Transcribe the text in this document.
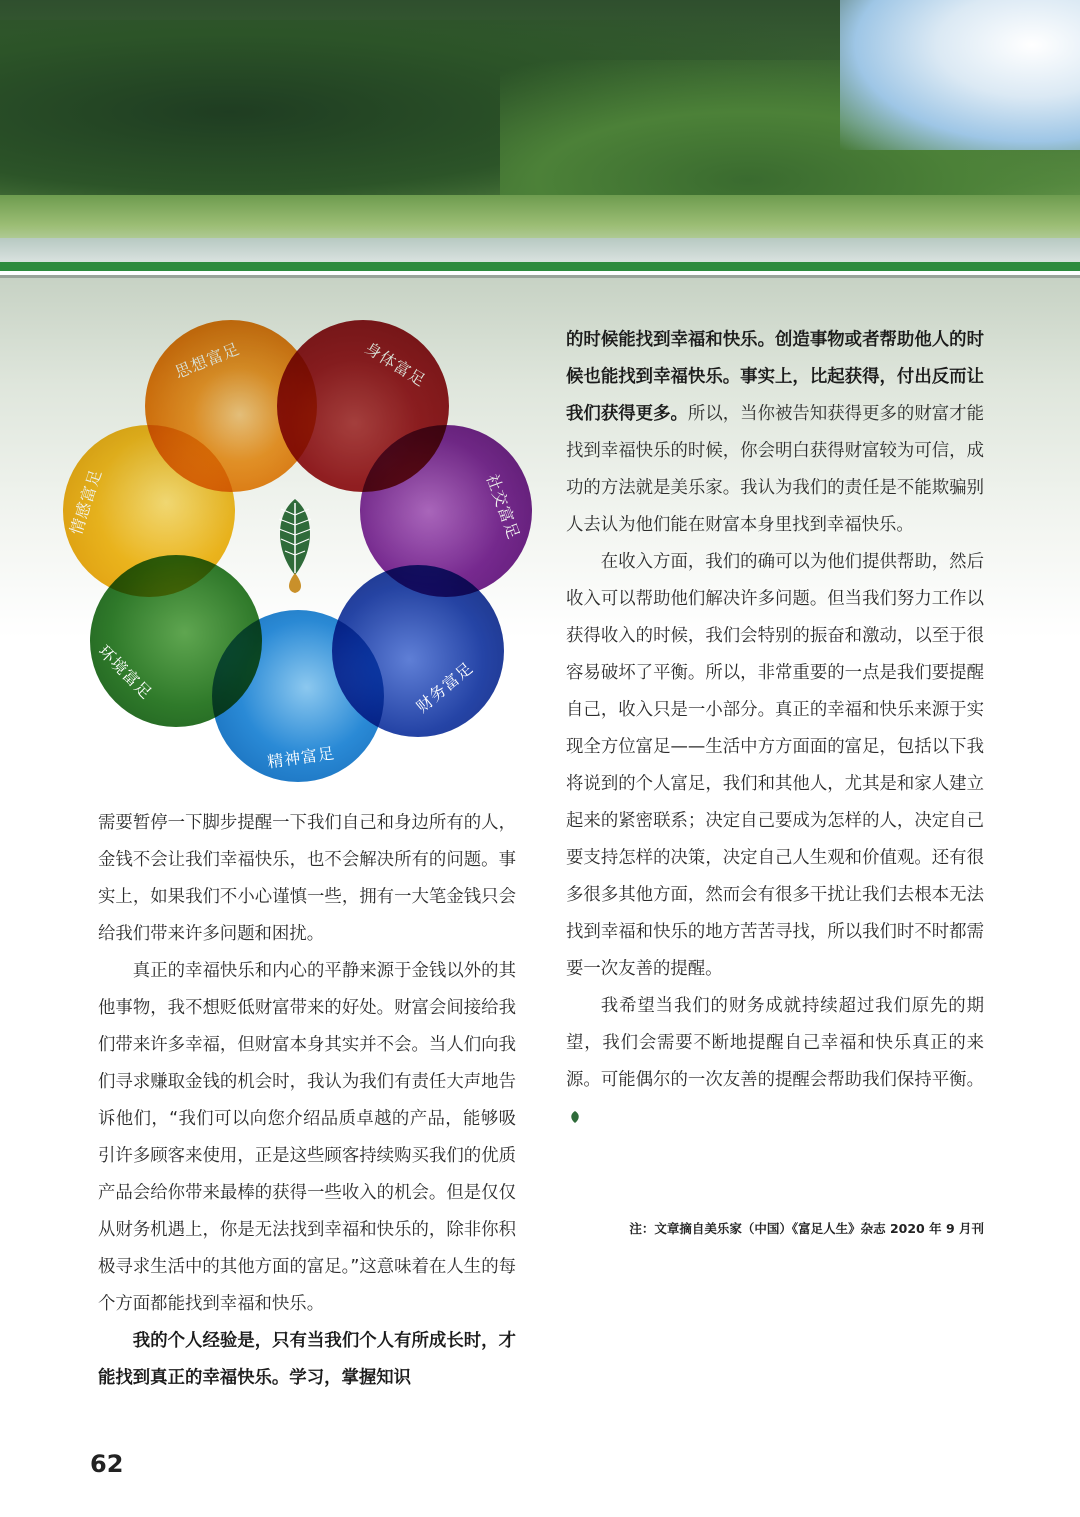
思想富足	身体富足
社交富足
财务富足
精神富足
环境富足
情感富足

需要暂停一下脚步提醒一下我们自己和身边所有的人，金钱不会让我们幸福快乐，也不会解决所有的问题。事实上，如果我们不小心谨慎一些，拥有一大笔金钱只会给我们带来许多问题和困扰。

真正的幸福快乐和内心的平静来源于金钱以外的其他事物，我不想贬低财富带来的好处。财富会间接给我们带来许多幸福，但财富本身其实并不会。当人们向我们寻求赚取金钱的机会时，我认为我们有责任大声地告诉他们，“我们可以向您介绍品质卓越的产品，能够吸引许多顾客来使用，正是这些顾客持续购买我们的优质产品会给你带来最棒的获得一些收入的机会。但是仅仅从财务机遇上，你是无法找到幸福和快乐的，除非你积极寻求生活中的其他方面的富足。”这意味着在人生的每个方面都能找到幸福和快乐。

我的个人经验是，只有当我们个人有所成长时，才能找到真正的幸福快乐。学习，掌握知识

的时候能找到幸福和快乐。创造事物或者帮助他人的时候也能找到幸福快乐。事实上，比起获得，付出反而让我们获得更多。所以，当你被告知获得更多的财富才能找到幸福快乐的时候，你会明白获得财富较为可信，成功的方法就是美乐家。我认为我们的责任是不能欺骗别人去认为他们能在财富本身里找到幸福快乐。

在收入方面，我们的确可以为他们提供帮助，然后收入可以帮助他们解决许多问题。但当我们努力工作以获得收入的时候，我们会特别的振奋和激动，以至于很容易破坏了平衡。所以，非常重要的一点是我们要提醒自己，收入只是一小部分。真正的幸福和快乐来源于实现全方位富足——生活中方方面面的富足，包括以下我将说到的个人富足，我们和其他人，尤其是和家人建立起来的紧密联系；决定自己要成为怎样的人，决定自己要支持怎样的决策，决定自己人生观和价值观。还有很多很多其他方面，然而会有很多干扰让我们去根本无法找到幸福和快乐的地方苦苦寻找，所以我们时不时都需要一次友善的提醒。

我希望当我们的财务成就持续超过我们原先的期望，我们会需要不断地提醒自己幸福和快乐真正的来源。可能偶尔的一次友善的提醒会帮助我们保持平衡。

注：文章摘自美乐家（中国）《富足人生》杂志 2020 年 9 月刊
62
